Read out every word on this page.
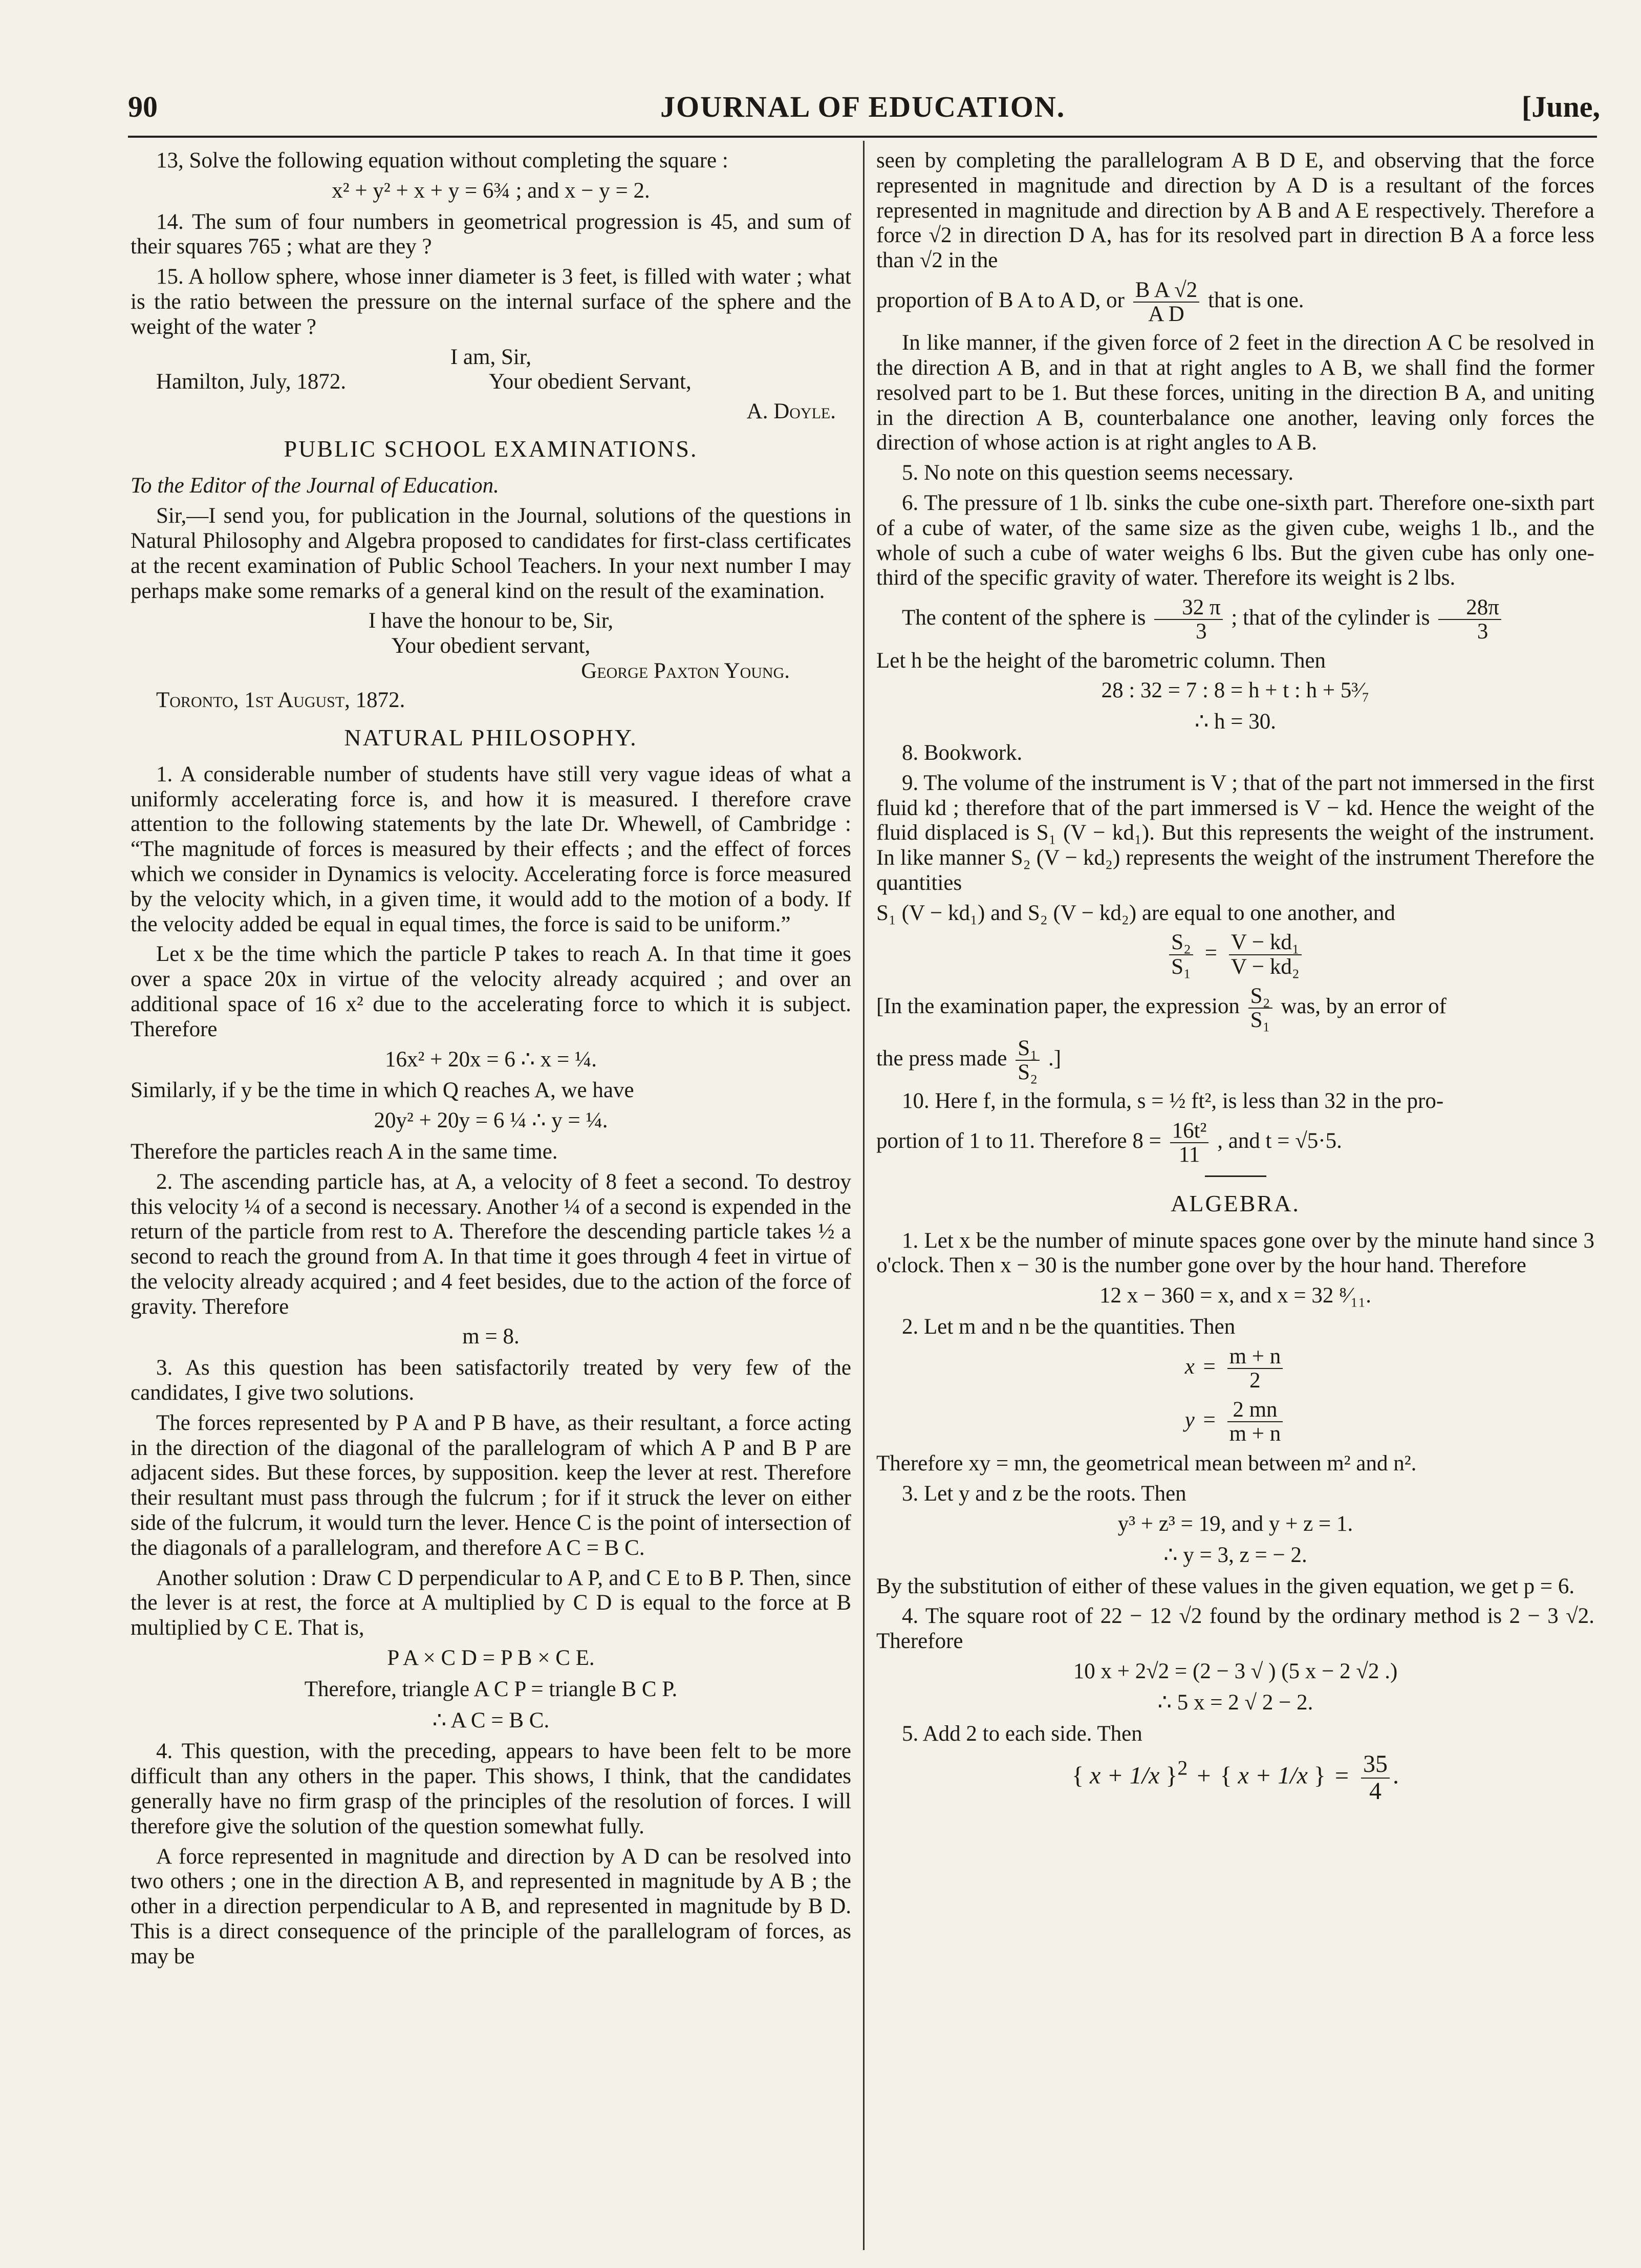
90	JOURNAL OF EDUCATION.	[June,

13, Solve the following equation without completing the square :

x² + y² + x + y = 6¾ ; and x − y = 2.

14. The sum of four numbers in geometrical progression is 45, and sum of their squares 765 ; what are they ?

15. A hollow sphere, whose inner diameter is 3 feet, is filled with water ; what is the ratio between the pressure on the internal surface of the sphere and the weight of the water ?

I am, Sir,
Hamilton, July, 1872.	Your obedient Servant,
A. Doyle.
PUBLIC SCHOOL EXAMINATIONS.

To the Editor of the Journal of Education.

Sir,—I send you, for publication in the Journal, solutions of the questions in Natural Philosophy and Algebra proposed to candidates for first-class certificates at the recent examination of Public School Teachers. In your next number I may perhaps make some remarks of a general kind on the result of the examination.

I have the honour to be, Sir,
Your obedient servant,
George Paxton Young.

Toronto, 1st August, 1872.

NATURAL PHILOSOPHY.

1. A considerable number of students have still very vague ideas of what a uniformly accelerating force is, and how it is measured. I therefore crave attention to the following statements by the late Dr. Whewell, of Cambridge : “The magnitude of forces is measured by their effects ; and the effect of forces which we consider in Dynamics is velocity. Accelerating force is force measured by the velocity which, in a given time, it would add to the motion of a body. If the velocity added be equal in equal times, the force is said to be uniform.”

Let x be the time which the particle P takes to reach A. In that time it goes over a space 20x in virtue of the velocity already acquired ; and over an additional space of 16 x² due to the accelerating force to which it is subject. Therefore

16x² + 20x = 6 ∴ x = ¼.

Similarly, if y be the time in which Q reaches A, we have

20y² + 20y = 6 ¼ ∴ y = ¼.

Therefore the particles reach A in the same time.

2. The ascending particle has, at A, a velocity of 8 feet a second. To destroy this velocity ¼ of a second is necessary. Another ¼ of a second is expended in the return of the particle from rest to A. Therefore the descending particle takes ½ a second to reach the ground from A. In that time it goes through 4 feet in virtue of the velocity already acquired ; and 4 feet besides, due to the action of the force of gravity. Therefore

m = 8.

3. As this question has been satisfactorily treated by very few of the candidates, I give two solutions.

The forces represented by P A and P B have, as their resultant, a force acting in the direction of the diagonal of the parallelogram of which A P and B P are adjacent sides. But these forces, by supposition. keep the lever at rest. Therefore their resultant must pass through the fulcrum ; for if it struck the lever on either side of the fulcrum, it would turn the lever. Hence C is the point of intersection of the diagonals of a parallelogram, and therefore A C = B C.

Another solution : Draw C D perpendicular to A P, and C E to B P. Then, since the lever is at rest, the force at A multiplied by C D is equal to the force at B multiplied by C E. That is,

P A × C D = P B × C E.
Therefore, triangle A C P = triangle B C P.
∴ A C = B C.

4. This question, with the preceding, appears to have been felt to be more difficult than any others in the paper. This shows, I think, that the candidates generally have no firm grasp of the principles of the resolution of forces. I will therefore give the solution of the question somewhat fully.

A force represented in magnitude and direction by A D can be resolved into two others ; one in the direction A B, and represented in magnitude by A B ; the other in a direction perpendicular to A B, and represented in magnitude by B D. This is a direct consequence of the principle of the parallelogram of forces, as may be

seen by completing the parallelogram A B D E, and observing that the force represented in magnitude and direction by A D is a resultant of the forces represented in magnitude and direction by A B and A E respectively. Therefore a force √2 in direction D A, has for its resolved part in direction B A a force less than √2 in the

proportion of B A to A D, or $\frac{\text{B A √2}}{\text{A D}}$ that is one.

In like manner, if the given force of 2 feet in the direction A C be resolved in the direction A B, and in that at right angles to A B, we shall find the former resolved part to be 1. But these forces, uniting in the direction B A, and uniting in the direction A B, counterbalance one another, leaving only forces the direction of whose action is at right angles to A B.

5. No note on this question seems necessary.

6. The pressure of 1 lb. sinks the cube one-sixth part. Therefore one-sixth part of a cube of water, of the same size as the given cube, weighs 1 lb., and the whole of such a cube of water weighs 6 lbs. But the given cube has only one-third of the specific gravity of water. Therefore its weight is 2 lbs.

The content of the sphere is $\frac{32 \pi}{3}$ ; that of the cylinder is $\frac{28\pi}{3}$

Let h be the height of the barometric column. Then

28 : 32 = 7 : 8 = h + t : h + 5³⁄₇
∴ h = 30.

8. Bookwork.

9. The volume of the instrument is V ; that of the part not immersed in the first fluid kd ; therefore that of the part immersed is V − kd. Hence the weight of the fluid displaced is S₁ (V − kd₁). But this represents the weight of the instrument. In like manner S₂ (V − kd₂) represents the weight of the instrument Therefore the quantities

S₁ (V − kd₁) and S₂ (V − kd₂) are equal to one another, and

$\frac{\text{S₂}}{\text{S₁}} = \frac{\text{V − kd₁}}{\text{V − kd₂}}$

[In the examination paper, the expression $\frac{\text{S₂}}{\text{S₁}}$ was, by an error of

the press made $\frac{\text{S₁}}{\text{S₂}}$ .]

10. Here f, in the formula, s = ½ ft², is less than 32 in the pro-

portion of 1 to 11. Therefore $8 = \frac{\text{16t²}}{11}$ , and t = √5·5.

ALGEBRA.

1. Let x be the number of minute spaces gone over by the minute hand since 3 o'clock. Then x − 30 is the number gone over by the hour hand. Therefore

12 x − 360 = x, and x = 32 ⁸⁄₁₁.

2. Let m and n be the quantities. Then

$x = \frac{m + n}{2}$
$y = \frac{2 mn}{m + n}$

Therefore xy = mn, the geometrical mean between m² and n².

3. Let y and z be the roots. Then

y³ + z³ = 19, and y + z = 1.
∴ y = 3, z = − 2.

By the substitution of either of these values in the given equation, we get p = 6.

4. The square root of 22 − 12 √2 found by the ordinary method is 2 − 3 √2. Therefore

10 x + 2√2 = (2 − 3 √ ) (5 x − 2 √2 .)
∴ 5 x = 2 √ 2 − 2.

5. Add 2 to each side. Then

{ x + 1/x }$^2$ + { x + 1/x } = $\frac{35}{4}$ .
